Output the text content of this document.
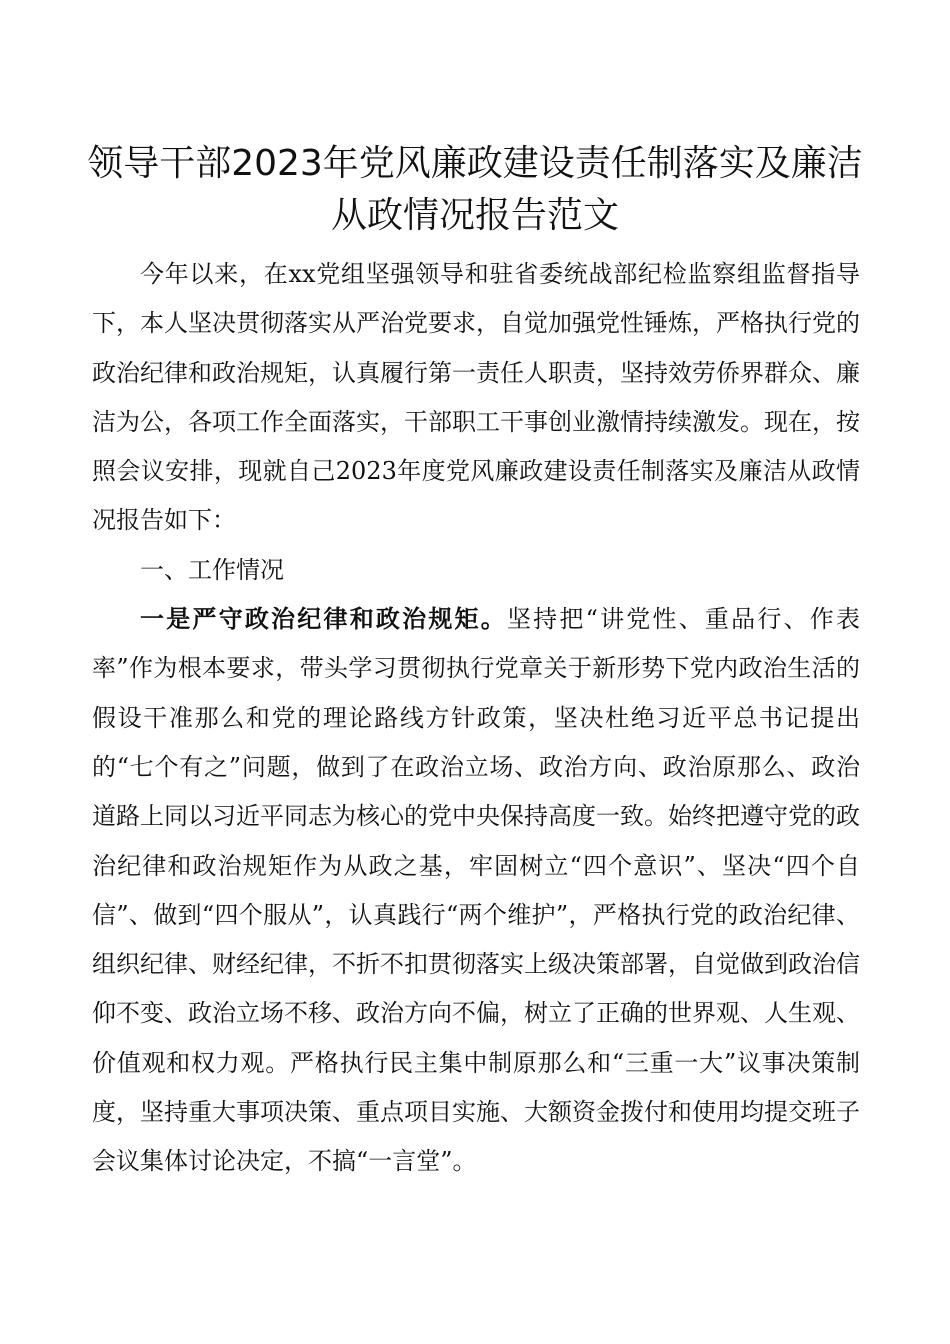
领导干部2023年党风廉政建设责任制落实及廉洁
从政情况报告范文

今年以来，在xx党组坚强领导和驻省委统战部纪检监察组监督指导下，本人坚决贯彻落实从严治党要求，自觉加强党性锤炼，严格执行党的政治纪律和政治规矩，认真履行第一责任人职责，坚持效劳侨界群众、廉洁为公，各项工作全面落实，干部职工干事创业激情持续激发。现在，按照会议安排，现就自己2023年度党风廉政建设责任制落实及廉洁从政情况报告如下：

一、工作情况

一是严守政治纪律和政治规矩。坚持把“讲党性、重品行、作表率”作为根本要求，带头学习贯彻执行党章关于新形势下党内政治生活的假设干准那么和党的理论路线方针政策，坚决杜绝习近平总书记提出的“七个有之”问题，做到了在政治立场、政治方向、政治原那么、政治道路上同以习近平同志为核心的党中央保持高度一致。始终把遵守党的政治纪律和政治规矩作为从政之基，牢固树立“四个意识”、坚决“四个自信”、做到“四个服从”，认真践行“两个维护”，严格执行党的政治纪律、组织纪律、财经纪律，不折不扣贯彻落实上级决策部署，自觉做到政治信仰不变、政治立场不移、政治方向不偏，树立了正确的世界观、人生观、价值观和权力观。严格执行民主集中制原那么和“三重一大”议事决策制度，坚持重大事项决策、重点项目实施、大额资金拨付和使用均提交班子会议集体讨论决定，不搞“一言堂”。
